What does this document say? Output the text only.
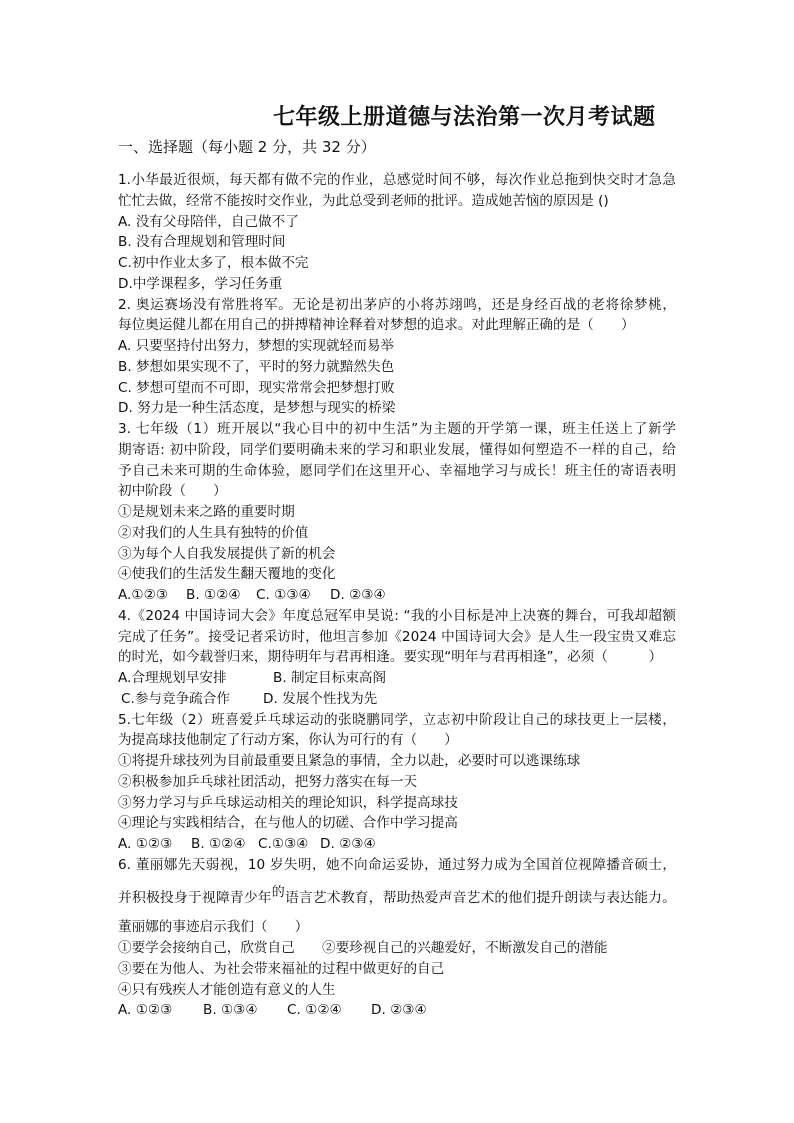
七年级上册道德与法治第一次月考试题
一、选择题（每小题 2 分，共 32 分）
1.小华最近很烦，每天都有做不完的作业，总感觉时间不够，每次作业总拖到快交时才急急
忙忙去做，经常不能按时交作业，为此总受到老师的批评。造成她苦恼的原因是 ()
A. 没有父母陪伴，自己做不了
B. 没有合理规划和管理时间
C.初中作业太多了，根本做不完
D.中学课程多，学习任务重
2. 奥运赛场没有常胜将军。无论是初出茅庐的小将苏翊鸣，还是身经百战的老将徐梦桃，
每位奥运健儿都在用自己的拼搏精神诠释着对梦想的追求。对此理解正确的是（　　）
A. 只要坚持付出努力，梦想的实现就轻而易举
B. 梦想如果实现不了，平时的努力就黯然失色
C. 梦想可望而不可即，现实常常会把梦想打败
D. 努力是一种生活态度，是梦想与现实的桥梁
3. 七年级（1）班开展以“我心目中的初中生活”为主题的开学第一课，班主任送上了新学
期寄语: 初中阶段，同学们要明确未来的学习和职业发展，懂得如何塑造不一样的自己，给
予自己未来可期的生命体验，愿同学们在这里开心、幸福地学习与成长！班主任的寄语表明
初中阶段（　　）
①是规划未来之路的重要时期
②对我们的人生具有独特的价值
③为每个人自我发展提供了新的机会
④使我们的生活发生翻天覆地的变化
A.①②③ B. ①②④ C. ①③④ D. ②③④
4.《2024 中国诗词大会》年度总冠军申昊说: “我的小目标是冲上决赛的舞台，可我却超额
完成了任务”。接受记者采访时，他坦言参加《2024 中国诗词大会》是人生一段宝贵又难忘
的时光，如今载誉归来，期待明年与君再相逢。要实现“明年与君再相逢”，必须（　　　）
A.合理规划早安排	B. 制定目标束高阁
C.参与竞争疏合作 D. 发展个性找为先
5.七年级（2）班喜爱乒乓球运动的张晓鹏同学，立志初中阶段让自己的球技更上一层楼，
为提高球技他制定了行动方案，你认为可行的有（　　）
①将提升球技列为目前最重要且紧急的事情，全力以赴，必要时可以逃课练球
②积极参加乒乓球社团活动，把努力落实在每一天
③努力学习与乒乓球运动相关的理论知识，科学提高球技
④理论与实践相结合，在与他人的切磋、合作中学习提高
A. ①②③ B. ①②④ C.①③④ D. ②③④
6. 董丽娜先天弱视，10 岁失明，她不向命运妥协，通过努力成为全国首位视障播音硕士，
并积极投身于视障青少年的语言艺术教育，帮助热爱声音艺术的他们提升朗读与表达能力。
董丽娜的事迹启示我们（　　）
①要学会接纳自己，欣赏自己 ②要珍视自己的兴趣爱好，不断激发自己的潜能
③要在为他人、为社会带来福祉的过程中做更好的自己
④只有残疾人才能创造有意义的人生
A. ①②③ B. ①③④ C. ①②④ D. ②③④
